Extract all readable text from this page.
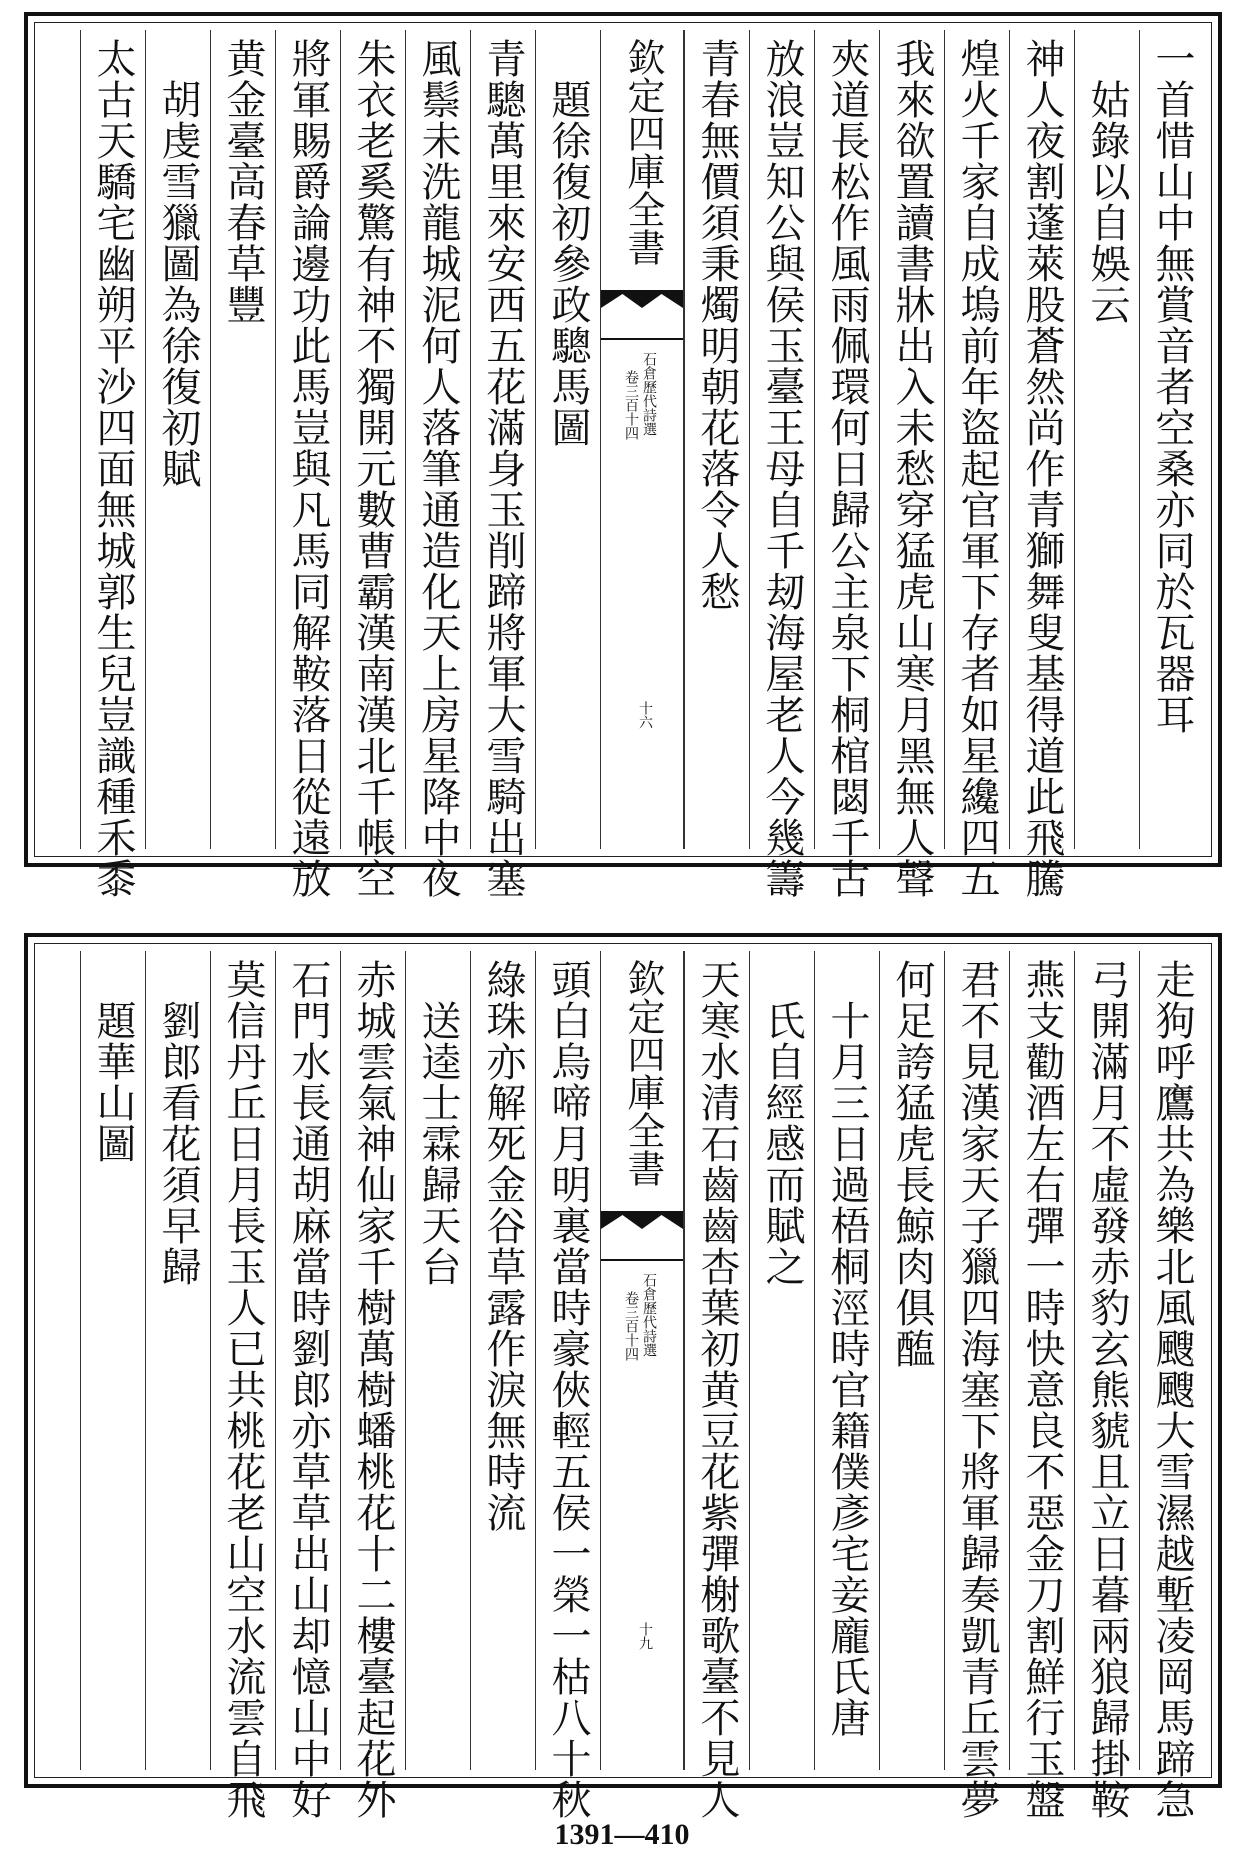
一首惜山中無賞音者空桑亦同於瓦器耳
　姑錄以自娛云
神人夜割蓬萊股蒼然尚作青獅舞叟基得道此飛騰
煌火千家自成塢前年盜起官軍下存者如星纔四五
我來欲置讀書牀出入未愁穿猛虎山寒月黑無人聲
夾道長松作風雨佩環何日歸公主泉下桐棺閟千古
放浪豈知公與侯玉臺王母自千刼海屋老人今幾籌
青春無價須秉燭明朝花落令人愁
欽定四庫全書
石倉歷代詩選
卷三百十四
十六
　題徐復初參政驄馬圖
青驄萬里來安西五花滿身玉削蹄將軍大雪騎出塞
風鬃未洗龍城泥何人落筆通造化天上房星降中夜
朱衣老奚驚有神不獨開元數曹霸漢南漢北千帳空
將軍賜爵論邊功此馬豈與凡馬同解鞍落日從遠放
黄金臺高春草豐
　胡虔雪獵圖為徐復初賦
太古天驕宅幽朔平沙四面無城郭生兒豈識種禾黍
走狗呼鷹共為樂北風颼颼大雪濕越塹凌岡馬蹄急
弓開滿月不虛發赤豹玄熊䝞且立日暮兩狼歸掛鞍
燕支勸酒左右彈一時快意良不惡金刀割鮮行玉盤
君不見漢家天子獵四海塞下將軍歸奏凱青丘雲夢
何足誇猛虎長鯨肉俱醢
　十月三日過梧桐涇時官籍僕彥宅妾龐氏唐
　氏自經感而賦之
天寒水清石齒齒杏葉初黄豆花紫彈榭歌臺不見人
欽定四庫全書
石倉歷代詩選
卷三百十四
十九
頭白烏啼月明裏當時豪俠輕五侯一榮一枯八十秋
綠珠亦解死金谷草露作淚無時流
　送逵士霖歸天台
赤城雲氣神仙家千樹萬樹蟠桃花十二樓臺起花外
石門水長通胡麻當時劉郎亦草草出山却憶山中好
莫信丹丘日月長玉人已共桃花老山空水流雲自飛
　劉郎看花須早歸
　題華山圖
1391—410
